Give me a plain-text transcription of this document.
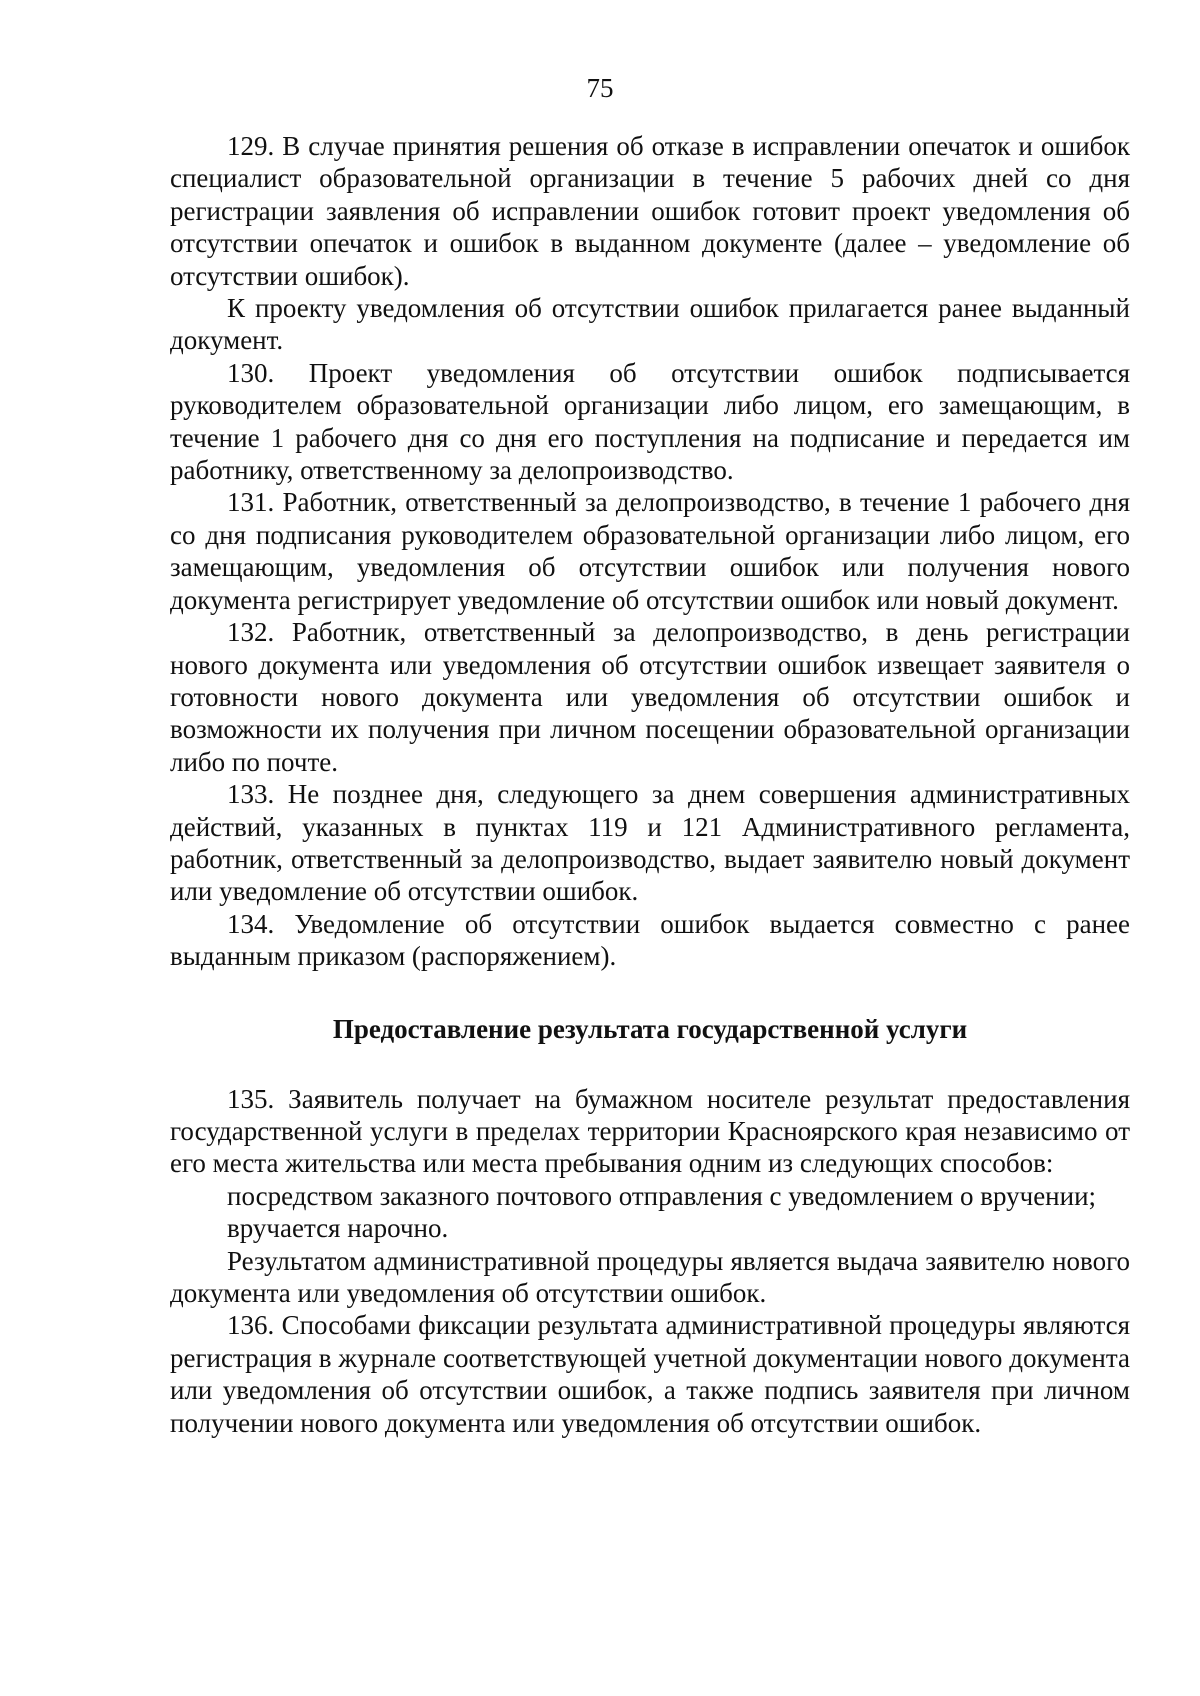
75

129. В случае принятия решения об отказе в исправлении опечаток и ошибок специалист образовательной организации в течение 5 рабочих дней со дня регистрации заявления об исправлении ошибок готовит проект уведомления об отсутствии опечаток и ошибок в выданном документе (далее – уведомление об отсутствии ошибок).

К проекту уведомления об отсутствии ошибок прилагается ранее выданный документ.

130. Проект уведомления об отсутствии ошибок подписывается руководителем образовательной организации либо лицом, его замещающим, в течение 1 рабочего дня со дня его поступления на подписание и передается им работнику, ответственному за делопроизводство.

131. Работник, ответственный за делопроизводство, в течение 1 рабочего дня со дня подписания руководителем образовательной организации либо лицом, его замещающим, уведомления об отсутствии ошибок или получения нового документа регистрирует уведомление об отсутствии ошибок или новый документ.

132. Работник, ответственный за делопроизводство, в день регистрации нового документа или уведомления об отсутствии ошибок извещает заявителя о готовности нового документа или уведомления об отсутствии ошибок и возможности их получения при личном посещении образовательной организации либо по почте.

133. Не позднее дня, следующего за днем совершения административных действий, указанных в пунктах 119 и 121 Административного регламента, работник, ответственный за делопроизводство, выдает заявителю новый документ или уведомление об отсутствии ошибок.

134. Уведомление об отсутствии ошибок выдается совместно с ранее выданным приказом (распоряжением).

Предоставление результата государственной услуги

135. Заявитель получает на бумажном носителе результат предоставления государственной услуги в пределах территории Красноярского края независимо от его места жительства или места пребывания одним из следующих способов:

посредством заказного почтового отправления с уведомлением о вручении;

вручается нарочно.

Результатом административной процедуры является выдача заявителю нового документа или уведомления об отсутствии ошибок.

136. Способами фиксации результата административной процедуры являются регистрация в журнале соответствующей учетной документации нового документа или уведомления об отсутствии ошибок, а также подпись заявителя при личном получении нового документа или уведомления об отсутствии ошибок.
